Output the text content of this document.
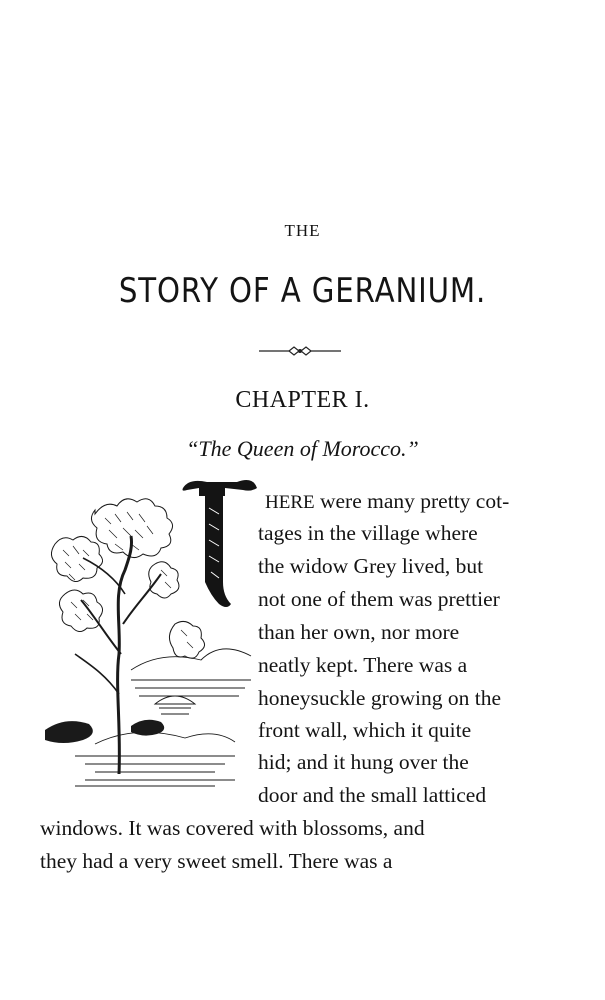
THE
STORY OF A GERANIUM.
CHAPTER I.
“The Queen of Morocco.”
HERE were many pretty cot-
tages in the village where
the widow Grey lived, but
not one of them was prettier
than her own, nor more
neatly kept. There was a
honeysuckle growing on the
front wall, which it quite
hid; and it hung over the
door and the small latticed
windows. It was covered with blossoms, and
they had a very sweet smell. There was a
